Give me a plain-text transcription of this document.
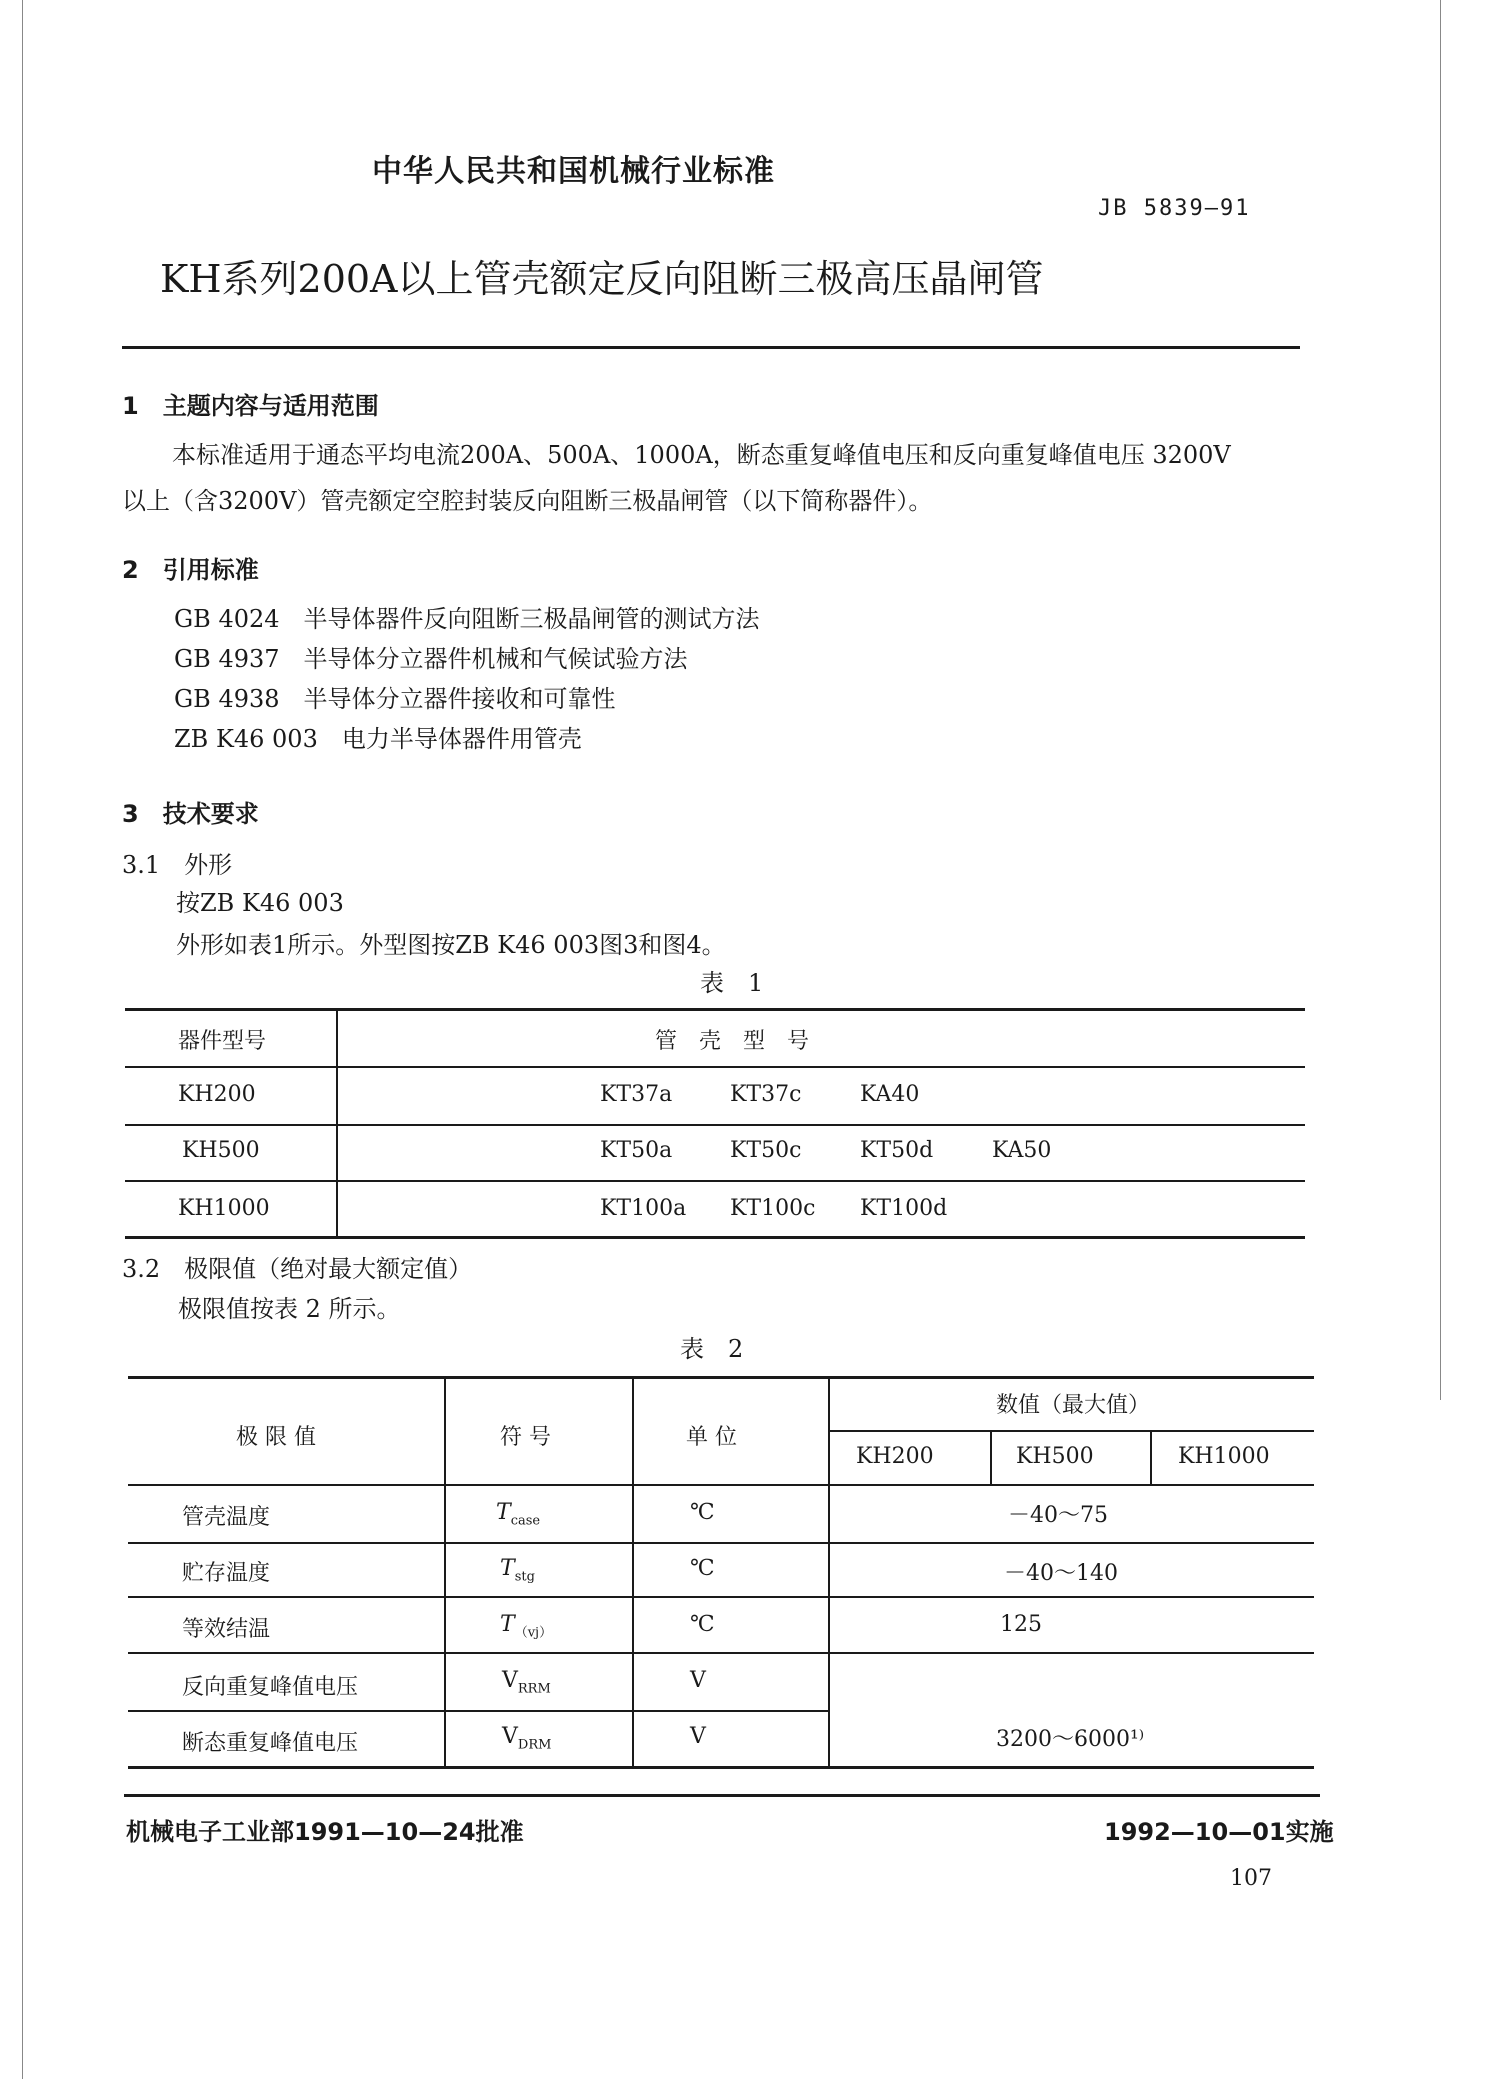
中华人民共和国机械行业标准
JB 5839—91
KH系列200A以上管壳额定反向阻断三极高压晶闸管
1　主题内容与适用范围
本标准适用于通态平均电流200A、500A、1000A，断态重复峰值电压和反向重复峰值电压 3200V
以上（含3200V）管壳额定空腔封装反向阻断三极晶闸管（以下简称器件）。
2　引用标准
GB 4024　半导体器件反向阻断三极晶闸管的测试方法
GB 4937　半导体分立器件机械和气候试验方法
GB 4938　半导体分立器件接收和可靠性
ZB K46 003　电力半导体器件用管壳
3　技术要求
3.1　外形
按ZB K46 003
外形如表1所示。外型图按ZB K46 003图3和图4。
表　1
器件型号	管　壳　型　号
KH200	KT37a	KT37c	KA40
KH500	KT50a	KT50c	KT50d	KA50
KH1000	KT100a KT100c KT100d
3.2　极限值（绝对最大额定值）
极限值按表 2 所示。
表　2
极 限 值	符 号	单 位
数值（最大值）
KH200	KH500	KH1000
管壳温度	$T_{case}$	℃	－40～75
贮存温度	$T_{stg}$	℃	－40～140
等效结温	$T_{(vj)}$	℃	125
反向重复峰值电压	$V_{RRM}$	V
断态重复峰值电压	$V_{DRM}$	V	3200～6000¹⁾
机械电子工业部1991—10—24批准	1992—10—01实施
107
